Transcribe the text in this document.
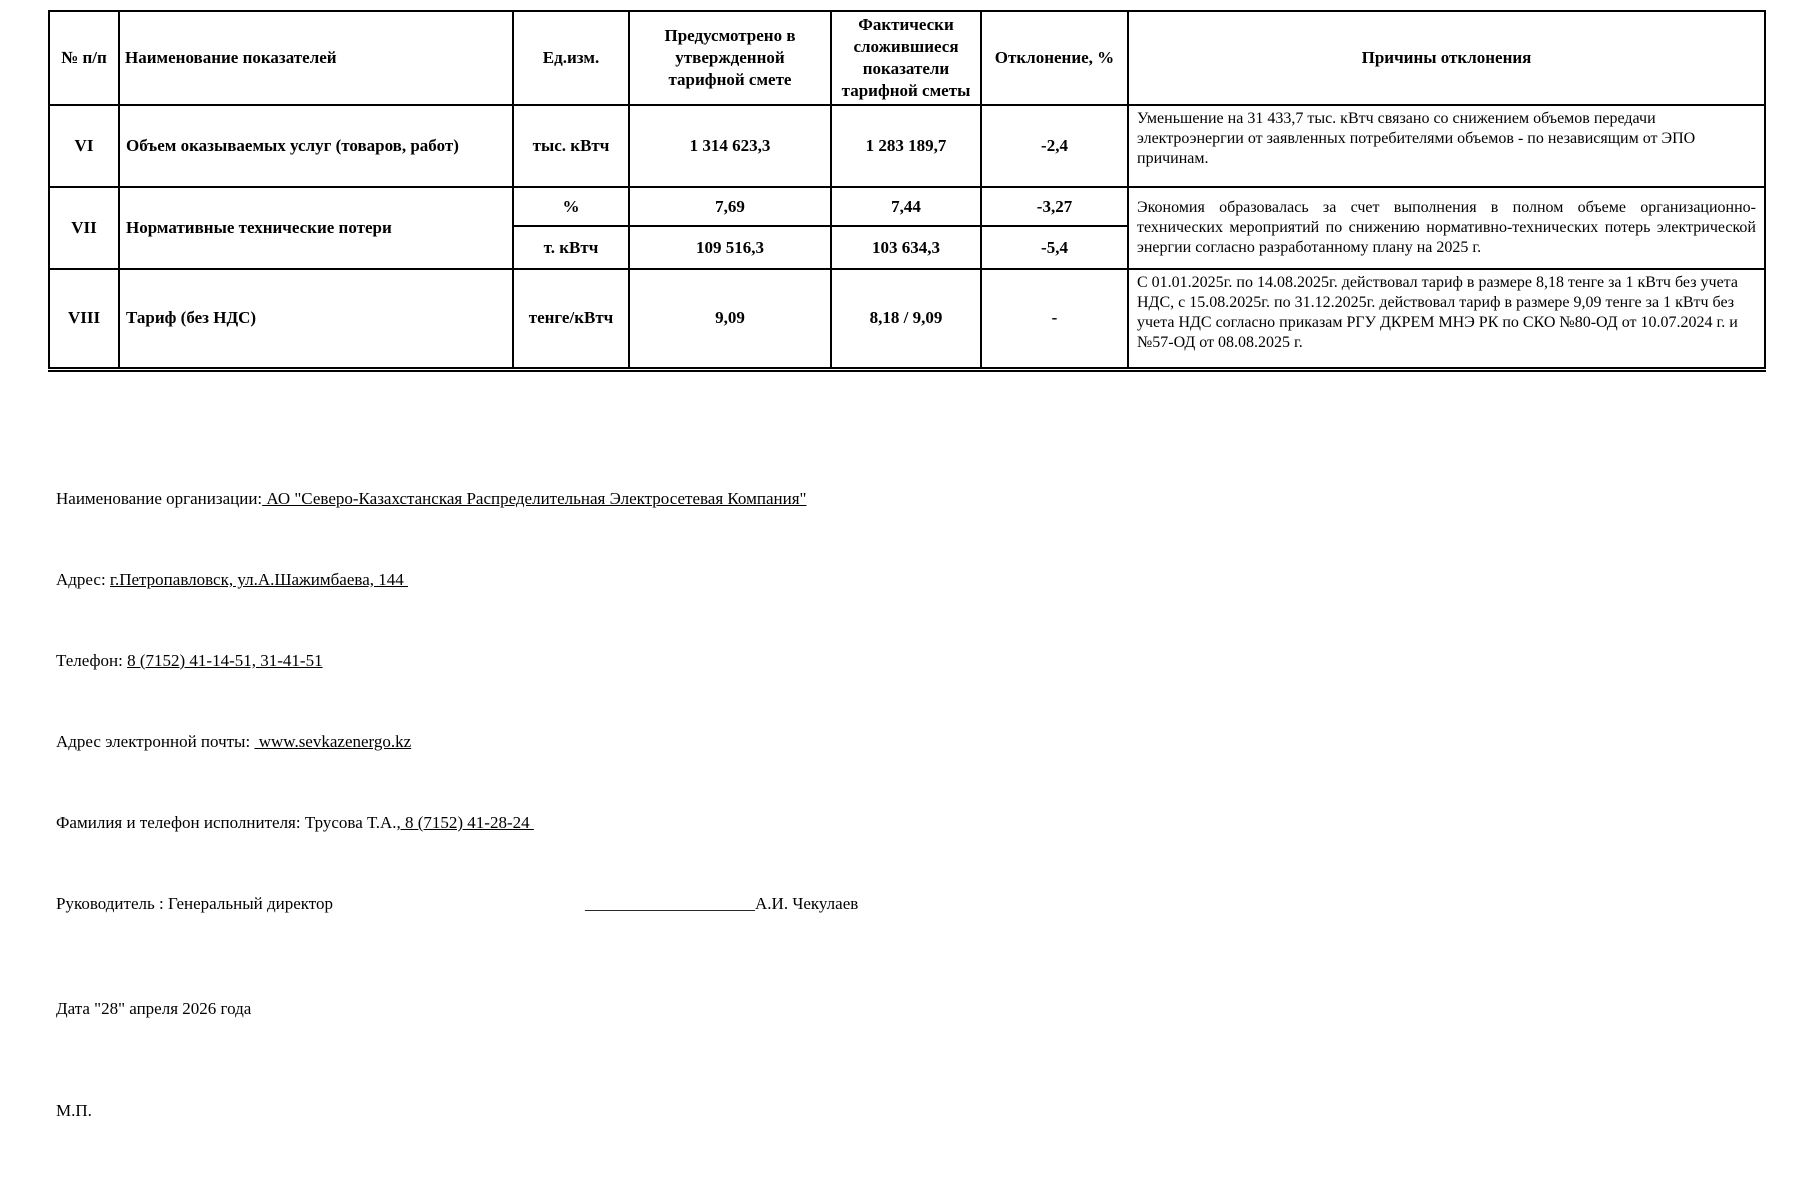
№ п/п	Наименование показателей	Ед.изм.	Предусмотрено в утвержденной тарифной смете	Фактически сложившиеся показатели тарифной сметы	Отклонение, %	Причины отклонения
VI	Объем оказываемых услуг (товаров, работ)	тыс. кВтч	1 314 623,3	1 283 189,7	-2,4	Уменьшение на 31 433,7 тыс. кВтч связано со снижением объемов передачи электроэнергии от заявленных потребителями объемов - по независящим от ЭПО причинам.
VII	Нормативные технические потери	%	7,69	7,44	-3,27	Экономия образовалась за счет выполнения в полном объеме организационно-технических мероприятий по снижению нормативно-технических потерь электрической энергии согласно разработанному плану на 2025 г.
		т. кВтч	109 516,3	103 634,3	-5,4	
VIII	Тариф (без НДС)	тенге/кВтч	9,09	8,18 / 9,09	-	С 01.01.2025г. по 14.08.2025г. действовал тариф в размере 8,18 тенге за 1 кВтч без учета НДС, с 15.08.2025г. по 31.12.2025г. действовал тариф в размере 9,09 тенге за 1 кВтч без учета НДС согласно приказам РГУ ДКРЕМ МНЭ РК по СКО №80-ОД от 10.07.2024 г. и №57-ОД от 08.08.2025 г.

Наименование организации: АО "Северо-Казахстанская Распределительная Электросетевая Компания"

Адрес: г.Петропавловск, ул.А.Шажимбаева, 144

Телефон: 8 (7152) 41-14-51, 31-41-51

Адрес электронной почты:  www.sevkazenergo.kz

Фамилия и телефон исполнителя: Трусова Т.А., 8 (7152) 41-28-24

Руководитель : Генеральный директор	____________________А.И. Чекулаев

Дата "28" апреля 2026 года

М.П.
